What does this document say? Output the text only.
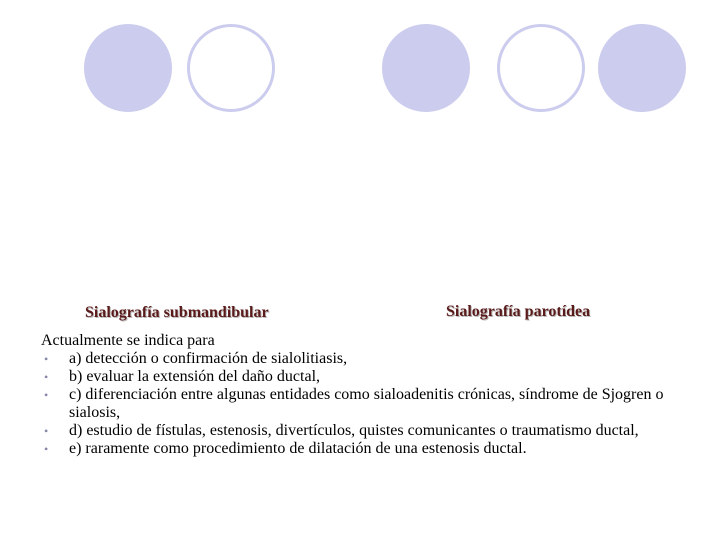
Sialografía submandibular	Sialografía parotídea

Actualmente se indica para

• a) detección o confirmación de sialolitiasis,
• b) evaluar la extensión del daño ductal,
• c) diferenciación entre algunas entidades como sialoadenitis crónicas, síndrome de Sjogren o sialosis,
• d) estudio de fístulas, estenosis, divertículos, quistes comunicantes o traumatismo ductal,
• e) raramente como procedimiento de dilatación de una estenosis ductal.
